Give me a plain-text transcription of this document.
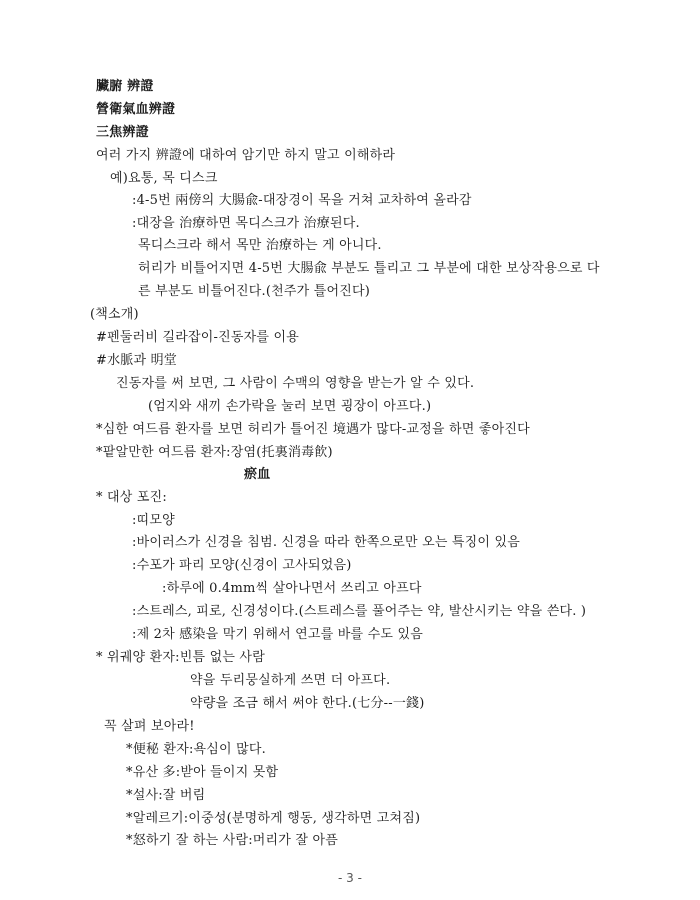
臟腑 辨證
營衛氣血辨證
三焦辨證
여러 가지 辨證에 대하여 암기만 하지 말고 이해하라
예)요통, 목 디스크
:4-5번 兩傍의 大腸兪-대장경이 목을 거쳐 교차하여 올라감
:대장을 治療하면 목디스크가 治療된다.
목디스크라 해서 목만 治療하는 게 아니다.
허리가 비틀어지면 4-5번 大腸兪 부분도 틀리고 그 부분에 대한 보상작용으로 다
른 부분도 비틀어진다.(천주가 틀어진다)
(책소개)
#펜둘러비 길라잡이-진동자를 이용
#水脈과 明堂
진동자를 써 보면, 그 사람이 수맥의 영향을 받는가 알 수 있다.
(엄지와 새끼 손가락을 눌러 보면 굉장이 아프다.)
*심한 여드름 환자를 보면 허리가 틀어진 境遇가 많다-교정을 하면 좋아진다
*팥알만한 여드름 환자:장염(托裏消毒飮)
瘀血
* 대상 포진:
:띠모양
:바이러스가 신경을 침범. 신경을 따라 한쪽으로만 오는 특징이 있음
:수포가 파리 모양(신경이 고사되었음)
:하루에 0.4mm씩 살아나면서 쓰리고 아프다
:스트레스, 피로, 신경성이다.(스트레스를 풀어주는 약, 발산시키는 약을 쓴다. )
:제 2차 感染을 막기 위해서 연고를 바를 수도 있음
* 위궤양 환자:빈틈 없는 사람
약을 두리뭉실하게 쓰면 더 아프다.
약량을 조금 해서 써야 한다.(七分--一錢)
꼭 살펴 보아라!
*便秘 환자:욕심이 많다.
*유산 多:받아 들이지 못함
*설사:잘 버림
*알레르기:이중성(분명하게 행동, 생각하면 고쳐짐)
- 3 -
*怒하기 잘 하는 사람:머리가 잘 아픔
